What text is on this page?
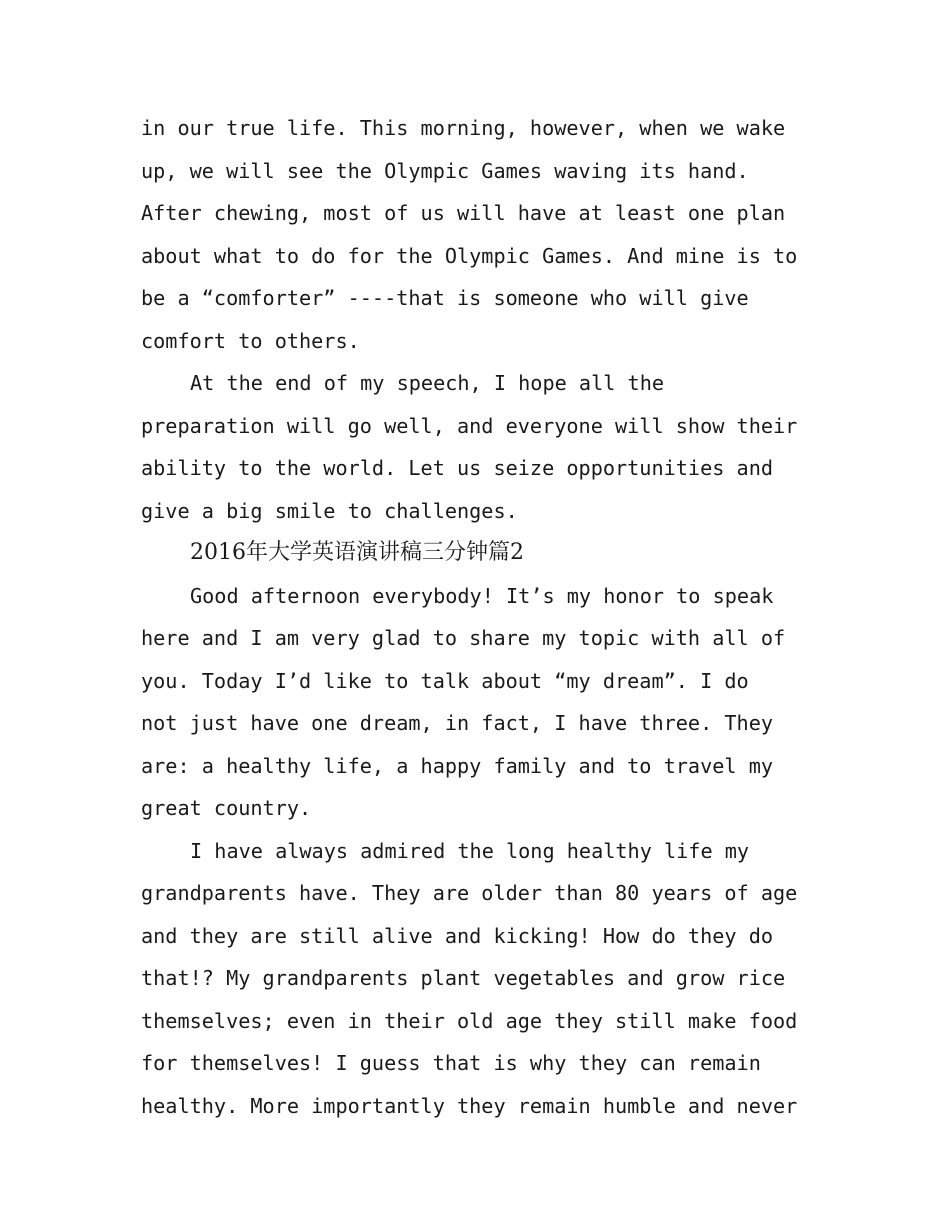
in our true life. This morning, however, when we wake
up, we will see the Olympic Games waving its hand.
After chewing, most of us will have at least one plan
about what to do for the Olympic Games. And mine is to
be a “comforter” ----that is someone who will give
comfort to others.
At the end of my speech, I hope all the
preparation will go well, and everyone will show their
ability to the world. Let us seize opportunities and
give a big smile to challenges.
2016年大学英语演讲稿三分钟篇2
Good afternoon everybody! It’s my honor to speak
here and I am very glad to share my topic with all of
you. Today I’d like to talk about “my dream”. I do
not just have one dream, in fact, I have three. They
are: a healthy life, a happy family and to travel my
great country.
I have always admired the long healthy life my
grandparents have. They are older than 80 years of age
and they are still alive and kicking! How do they do
that!? My grandparents plant vegetables and grow rice
themselves; even in their old age they still make food
for themselves! I guess that is why they can remain
healthy. More importantly they remain humble and never
